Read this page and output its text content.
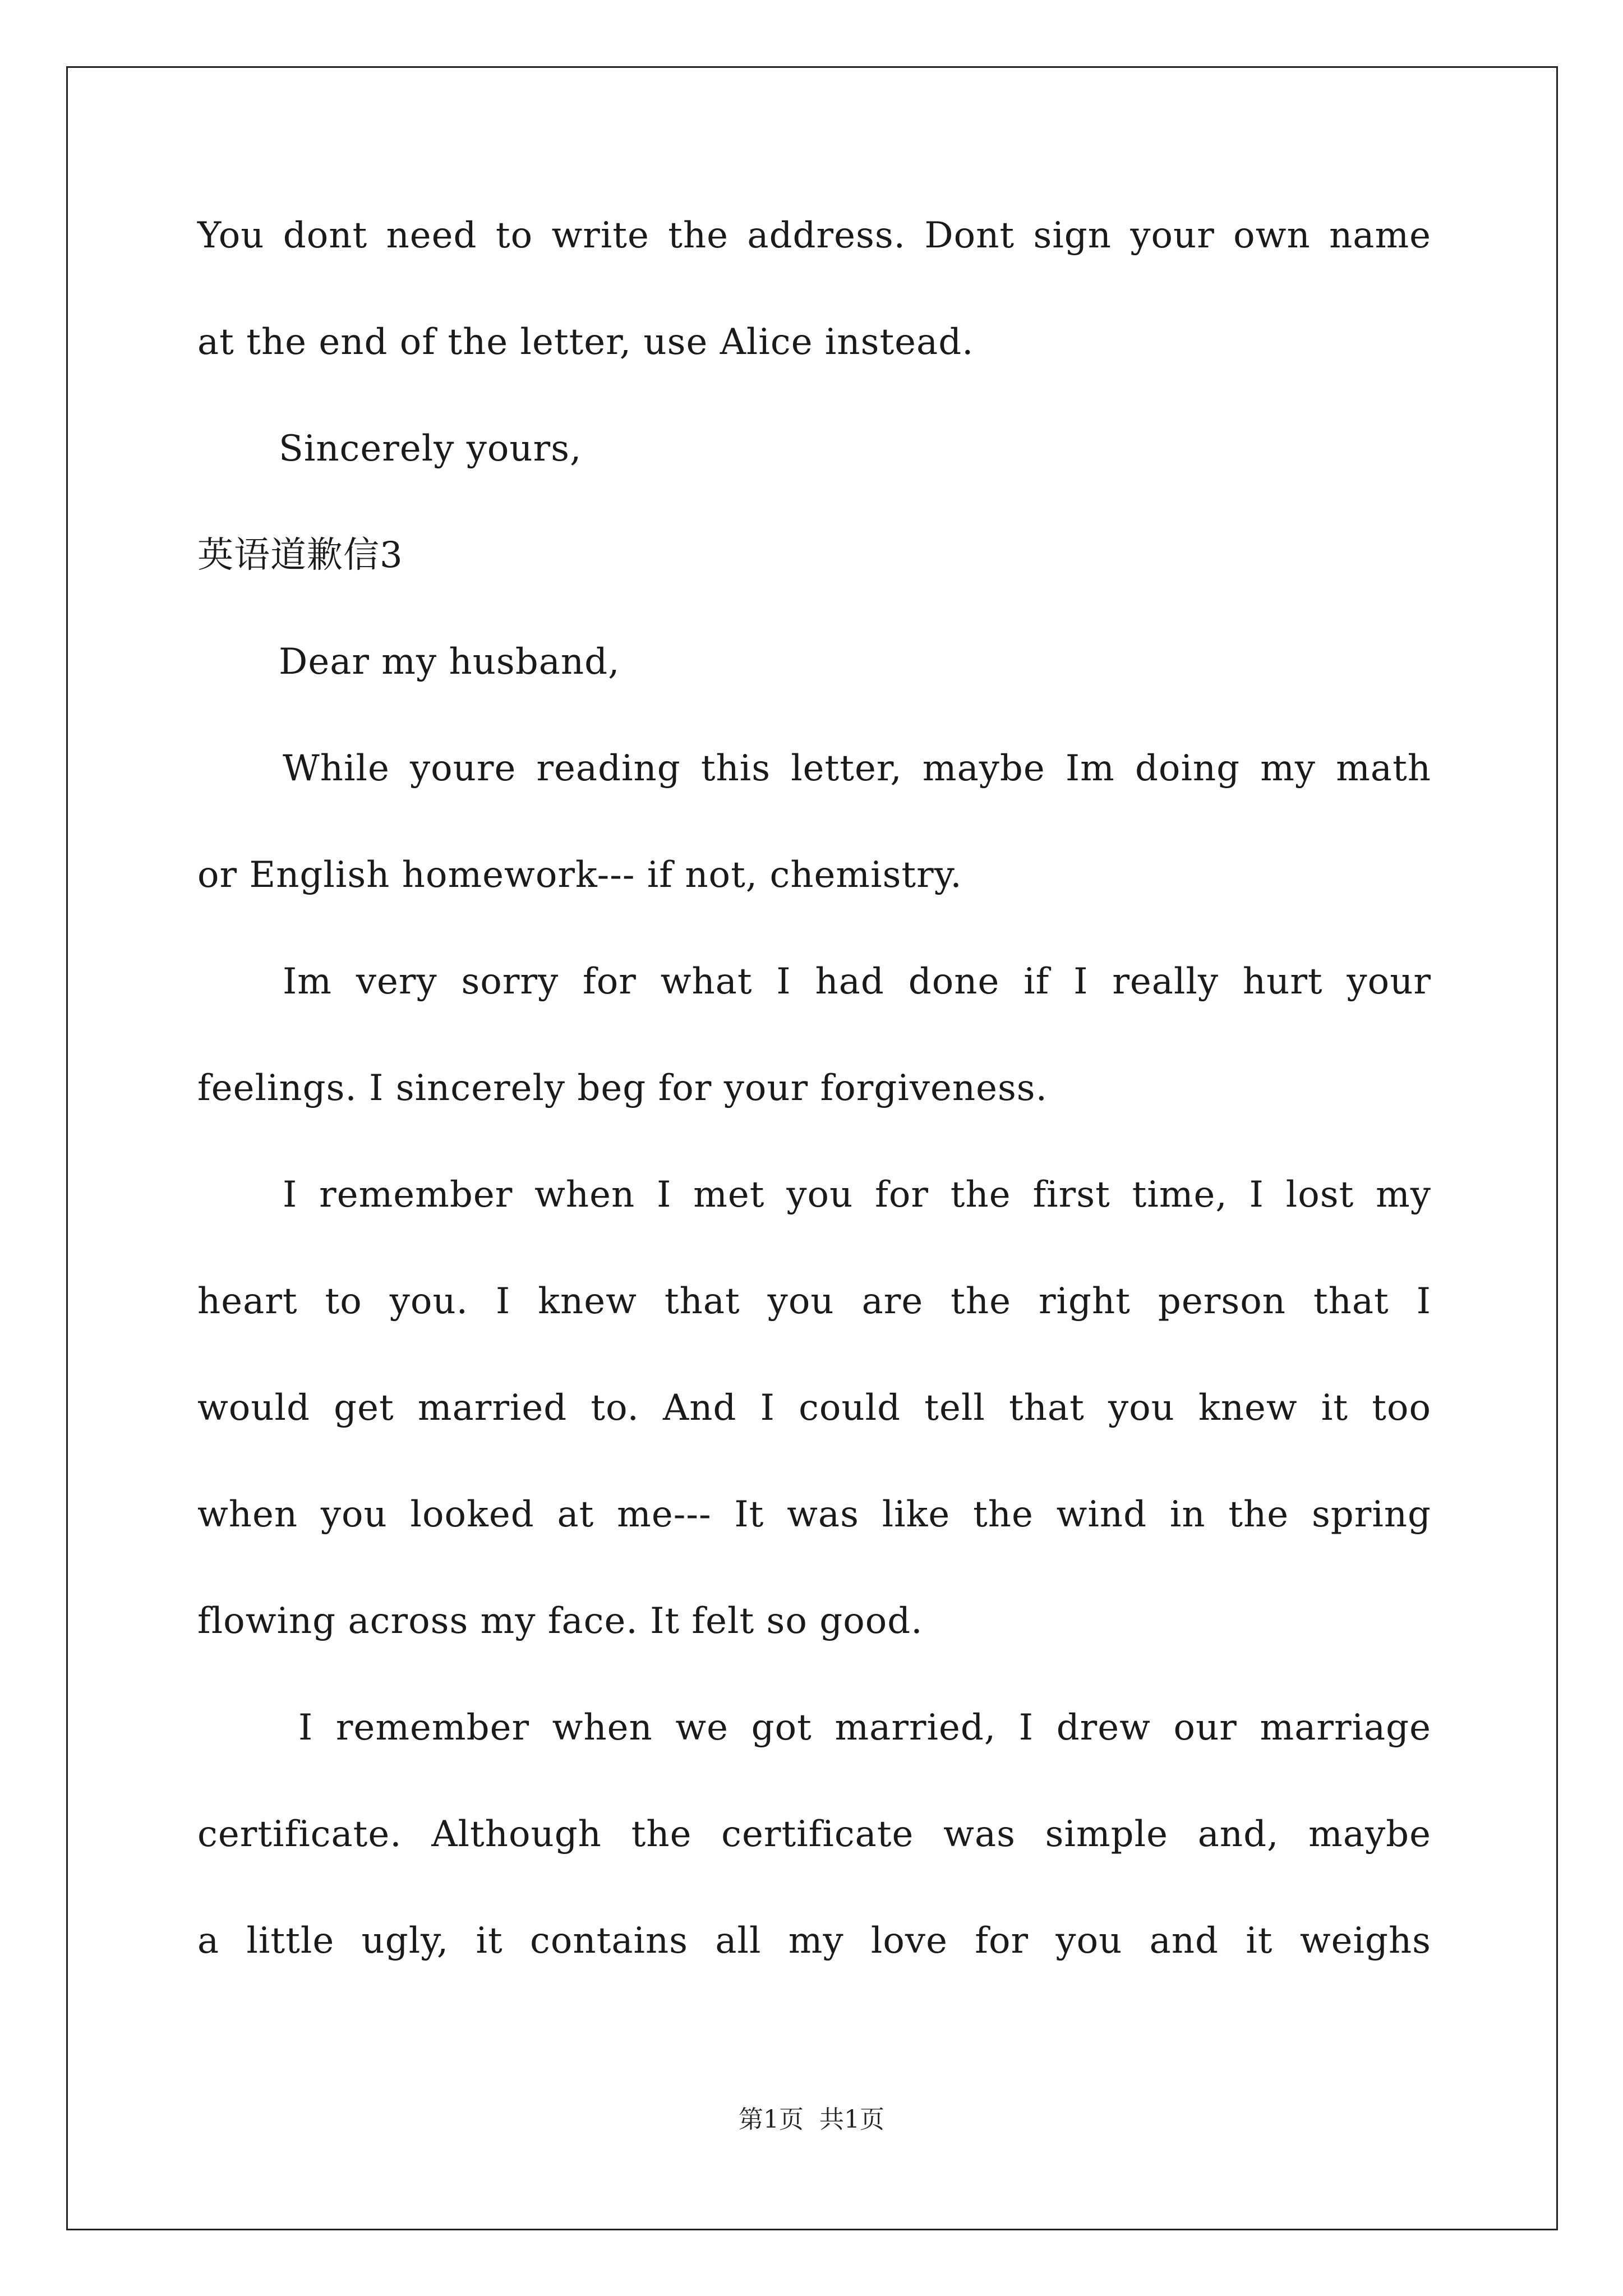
You dont need to write the address. Dont sign your own name
at the end of the letter, use Alice instead.
Sincerely yours,
英语道歉信3
Dear my husband,
While youre reading this letter, maybe Im doing my math
or English homework--- if not, chemistry.
Im very sorry for what I had done if I really hurt your
feelings. I sincerely beg for your forgiveness.
I remember when I met you for the first time, I lost my
heart to you. I knew that you are the right person that I
would get married to. And I could tell that you knew it too
when you looked at me--- It was like the wind in the spring
flowing across my face. It felt so good.
I remember when we got married, I drew our marriage
certificate. Although the certificate was simple and, maybe
a little ugly, it contains all my love for you and it weighs
第1页  共1页
